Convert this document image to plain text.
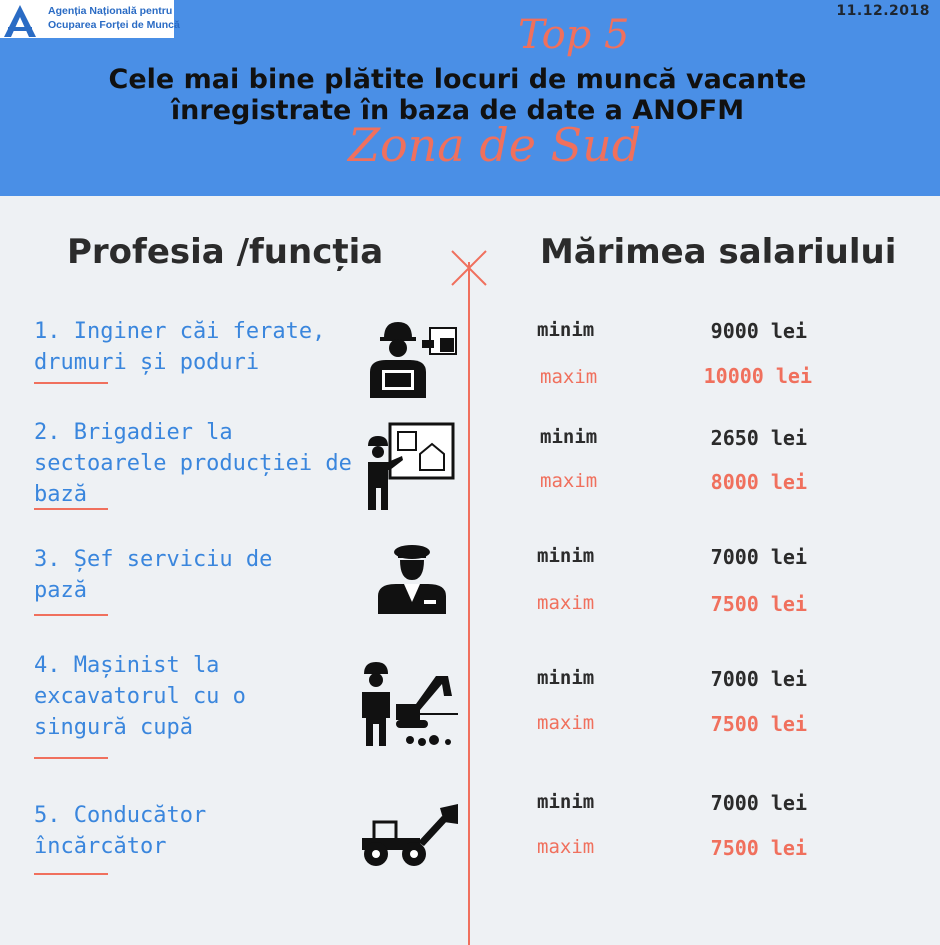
Agenția Națională pentru
Ocuparea Forței de Muncă
11.12.2018
Top 5
Cele mai bine plătite locuri de muncă vacante
înregistrate în baza de date a ANOFM
Zona de Sud
Profesia /funcția	Mărimea salariului
1. Inginer căi ferate,
drumuri și poduri
minim	9000 lei
maxim	10000 lei
2. Brigadier la
sectoarele producției de
bază
minim	2650 lei
maxim	8000 lei
3. Șef serviciu de
pază
minim	7000 lei
maxim	7500 lei
4. Mașinist la
excavatorul cu o
singură cupă
minim	7000 lei
maxim	7500 lei
5. Conducător
încărcător
minim	7000 lei
maxim	7500 lei
